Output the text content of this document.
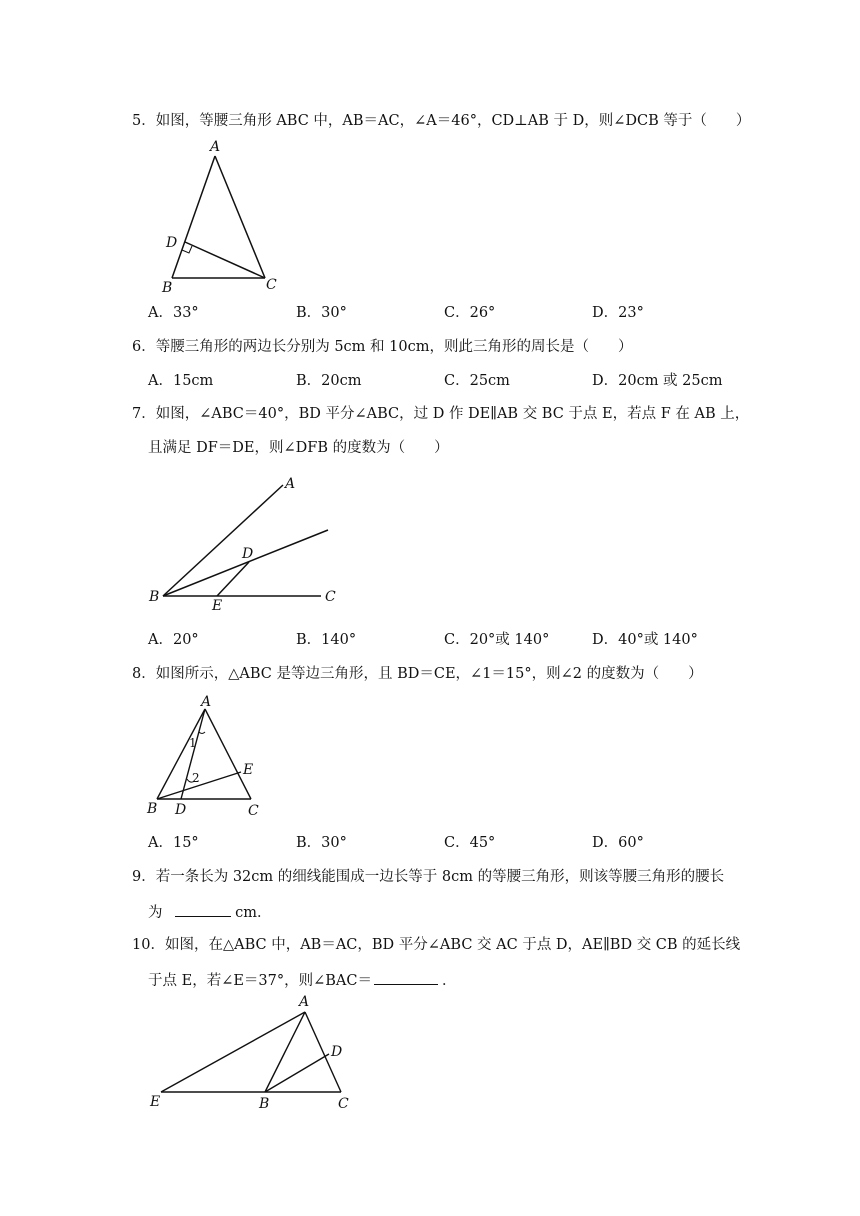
5．如图，等腰三角形 ABC 中，AB＝AC，∠A＝46°，CD⊥AB 于 D，则∠DCB 等于（　　）
A
D
B	C
A．33°	B．30°	C．26°	D．23°
6．等腰三角形的两边长分别为 5cm 和 10cm，则此三角形的周长是（　　）
A．15cm	B．20cm	C．25cm	D．20cm 或 25cm
7．如图，∠ABC＝40°，BD 平分∠ABC，过 D 作 DE∥AB 交 BC 于点 E，若点 F 在 AB 上，
且满足 DF＝DE，则∠DFB 的度数为（　　）
A
D
B
E
C
A．20°	B．140°	C．20°或 140°	D．40°或 140°
8．如图所示，△ABC 是等边三角形，且 BD＝CE，∠1＝15°，则∠2 的度数为（　　）
A
1
2	E
B D	C
A．15°	B．30°	C．45°	D．60°
9．若一条长为 32cm 的细线能围成一边长等于 8cm 的等腰三角形，则该等腰三角形的腰长
为	cm．
10．如图，在△ABC 中，AB＝AC，BD 平分∠ABC 交 AC 于点 D，AE∥BD 交 CB 的延长线
于点 E，若∠E＝37°，则∠BAC＝	．
A
D
E	B	C
